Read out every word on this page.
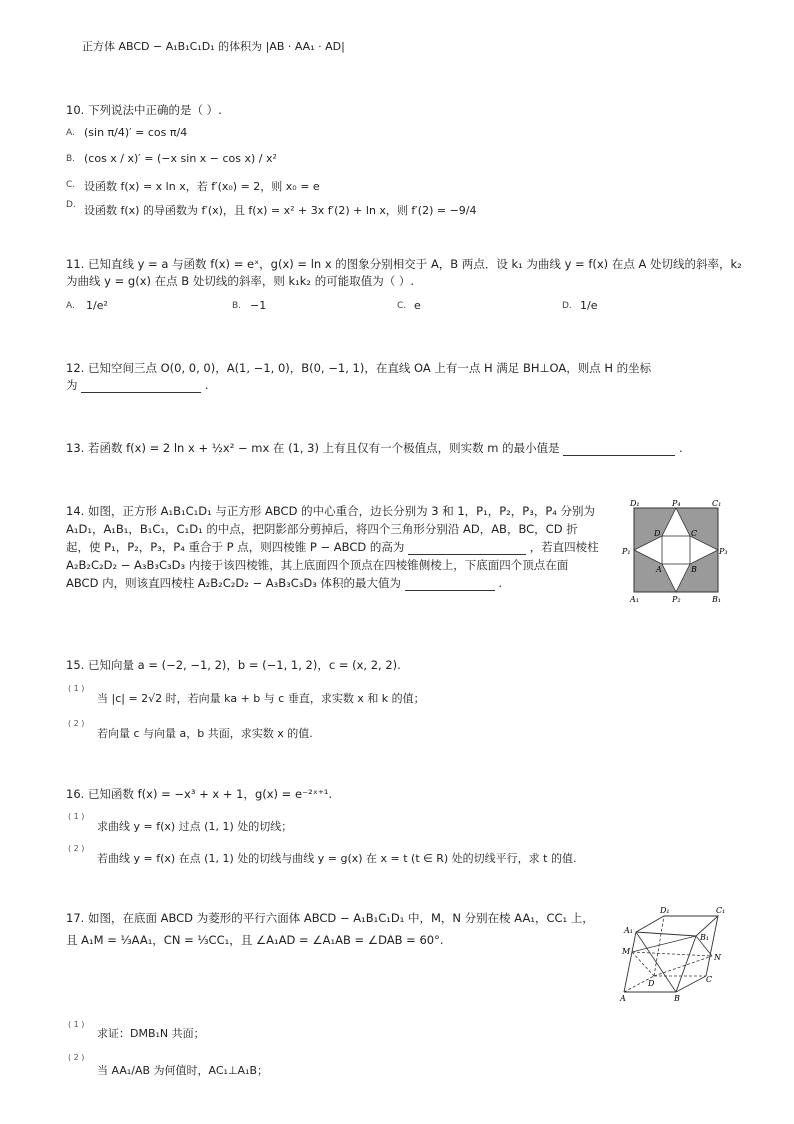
正方体 ABCD − A₁B₁C₁D₁ 的体积为 |AB · AA₁ · AD|
10. 下列说法中正确的是（ ）.
A. (sin π/4)′ = cos π/4
B. (cos x / x)′ = (−x sin x − cos x) / x²
C. 设函数 f(x) = x ln x，若 f′(x₀) = 2，则 x₀ = e
D. 设函数 f(x) 的导函数为 f′(x)，且 f(x) = x² + 3x f′(2) + ln x，则 f′(2) = −9/4
11. 已知直线 y = a 与函数 f(x) = eˣ，g(x) = ln x 的图象分别相交于 A，B 两点．设 k₁ 为曲线 y = f(x) 在点 A 处切线的斜率，k₂
为曲线 y = g(x) 在点 B 处切线的斜率，则 k₁k₂ 的可能取值为（ ）.
A. 1/e²	B. −1	C. e	D. 1/e
12. 已知空间三点 O(0, 0, 0)，A(1, −1, 0)，B(0, −1, 1)，在直线 OA 上有一点 H 满足 BH⊥OA，则点 H 的坐标
为	.
13. 若函数 f(x) = 2 ln x + ½x² − mx 在 (1, 3) 上有且仅有一个极值点，则实数 m 的最小值是	.
14. 如图，正方形 A₁B₁C₁D₁ 与正方形 ABCD 的中心重合，边长分别为 3 和 1，P₁，P₂，P₃，P₄ 分别为
A₁D₁，A₁B₁，B₁C₁，C₁D₁ 的中点，把阴影部分剪掉后，将四个三角形分别沿 AD，AB，BC，CD 折
起，使 P₁，P₂，P₃，P₄ 重合于 P 点，则四棱锥 P − ABCD 的高为	，若直四棱柱
A₂B₂C₂D₂ − A₃B₃C₃D₃ 内接于该四棱锥，其上底面四个顶点在四棱锥侧棱上，下底面四个顶点在面
ABCD 内，则该直四棱柱 A₂B₂C₂D₂ − A₃B₃C₃D₃ 体积的最大值为	.
D₁	P₄	C₁
D	C
P₁	P₃
A	B
A₁	P₂	B₁
15. 已知向量 a = (−2, −1, 2)，b = (−1, 1, 2)，c = (x, 2, 2).
( 1 )
当 |c| = 2√2 时，若向量 ka + b 与 c 垂直，求实数 x 和 k 的值；
( 2 )
若向量 c 与向量 a，b 共面，求实数 x 的值.
16. 已知函数 f(x) = −x³ + x + 1，g(x) = e⁻²ˣ⁺¹.
( 1 )
求曲线 y = f(x) 过点 (1, 1) 处的切线；
( 2 )
若曲线 y = f(x) 在点 (1, 1) 处的切线与曲线 y = g(x) 在 x = t (t ∈ R) 处的切线平行，求 t 的值.
17. 如图，在底面 ABCD 为菱形的平行六面体 ABCD − A₁B₁C₁D₁ 中，M，N 分别在棱 AA₁，CC₁ 上，
且 A₁M = ⅓AA₁，CN = ⅓CC₁，且 ∠A₁AD = ∠A₁AB = ∠DAB = 60°.
( 1 )
求证：DMB₁N 共面；
( 2 )
当 AA₁/AB 为何值时，AC₁⊥A₁B；
D₁	C₁
A₁
B₁
M
N
D	C
A	B
